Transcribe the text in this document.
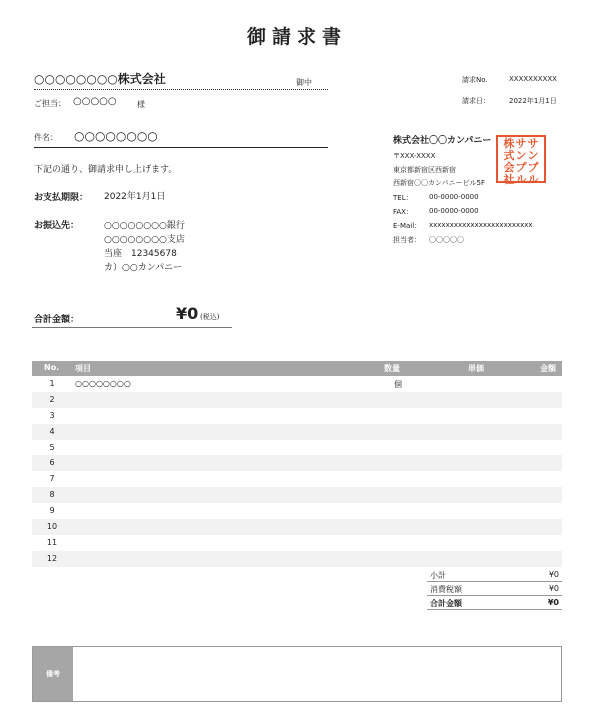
御請求書
○○○○○○○○株式会社	御中
ご担当： ○○○○○	様
件名： ○○○○○○○○
下記の通り、御請求申し上げます。
お支払期限： 2022年1月1日
お振込先：	○○○○○○○○銀行
○○○○○○○○支店
当座　12345678
カ）○○カンパニー
合計金額：	¥0 (税込)
請求No.	XXXXXXXXXX
請求日：	2022年1月1日
株式会社〇〇カンパニー
〒XXX-XXXX
東京都新宿区西新宿
西新宿〇〇カンパニービル5F
TEL： 00-0000-0000
FAX： 00-0000-0000
E-Mail： xxxxxxxxxxxxxxxxxxxxxxxxx
担当者： 〇〇〇〇〇
株式会社サンプルサンプル
No. 項目	数量	単価	金額
1	○○○○○○○○	個
2
3
4
5
6
7
8
9
10
11
12
小計	¥0
消費税額	¥0
合計金額	¥0
備考
